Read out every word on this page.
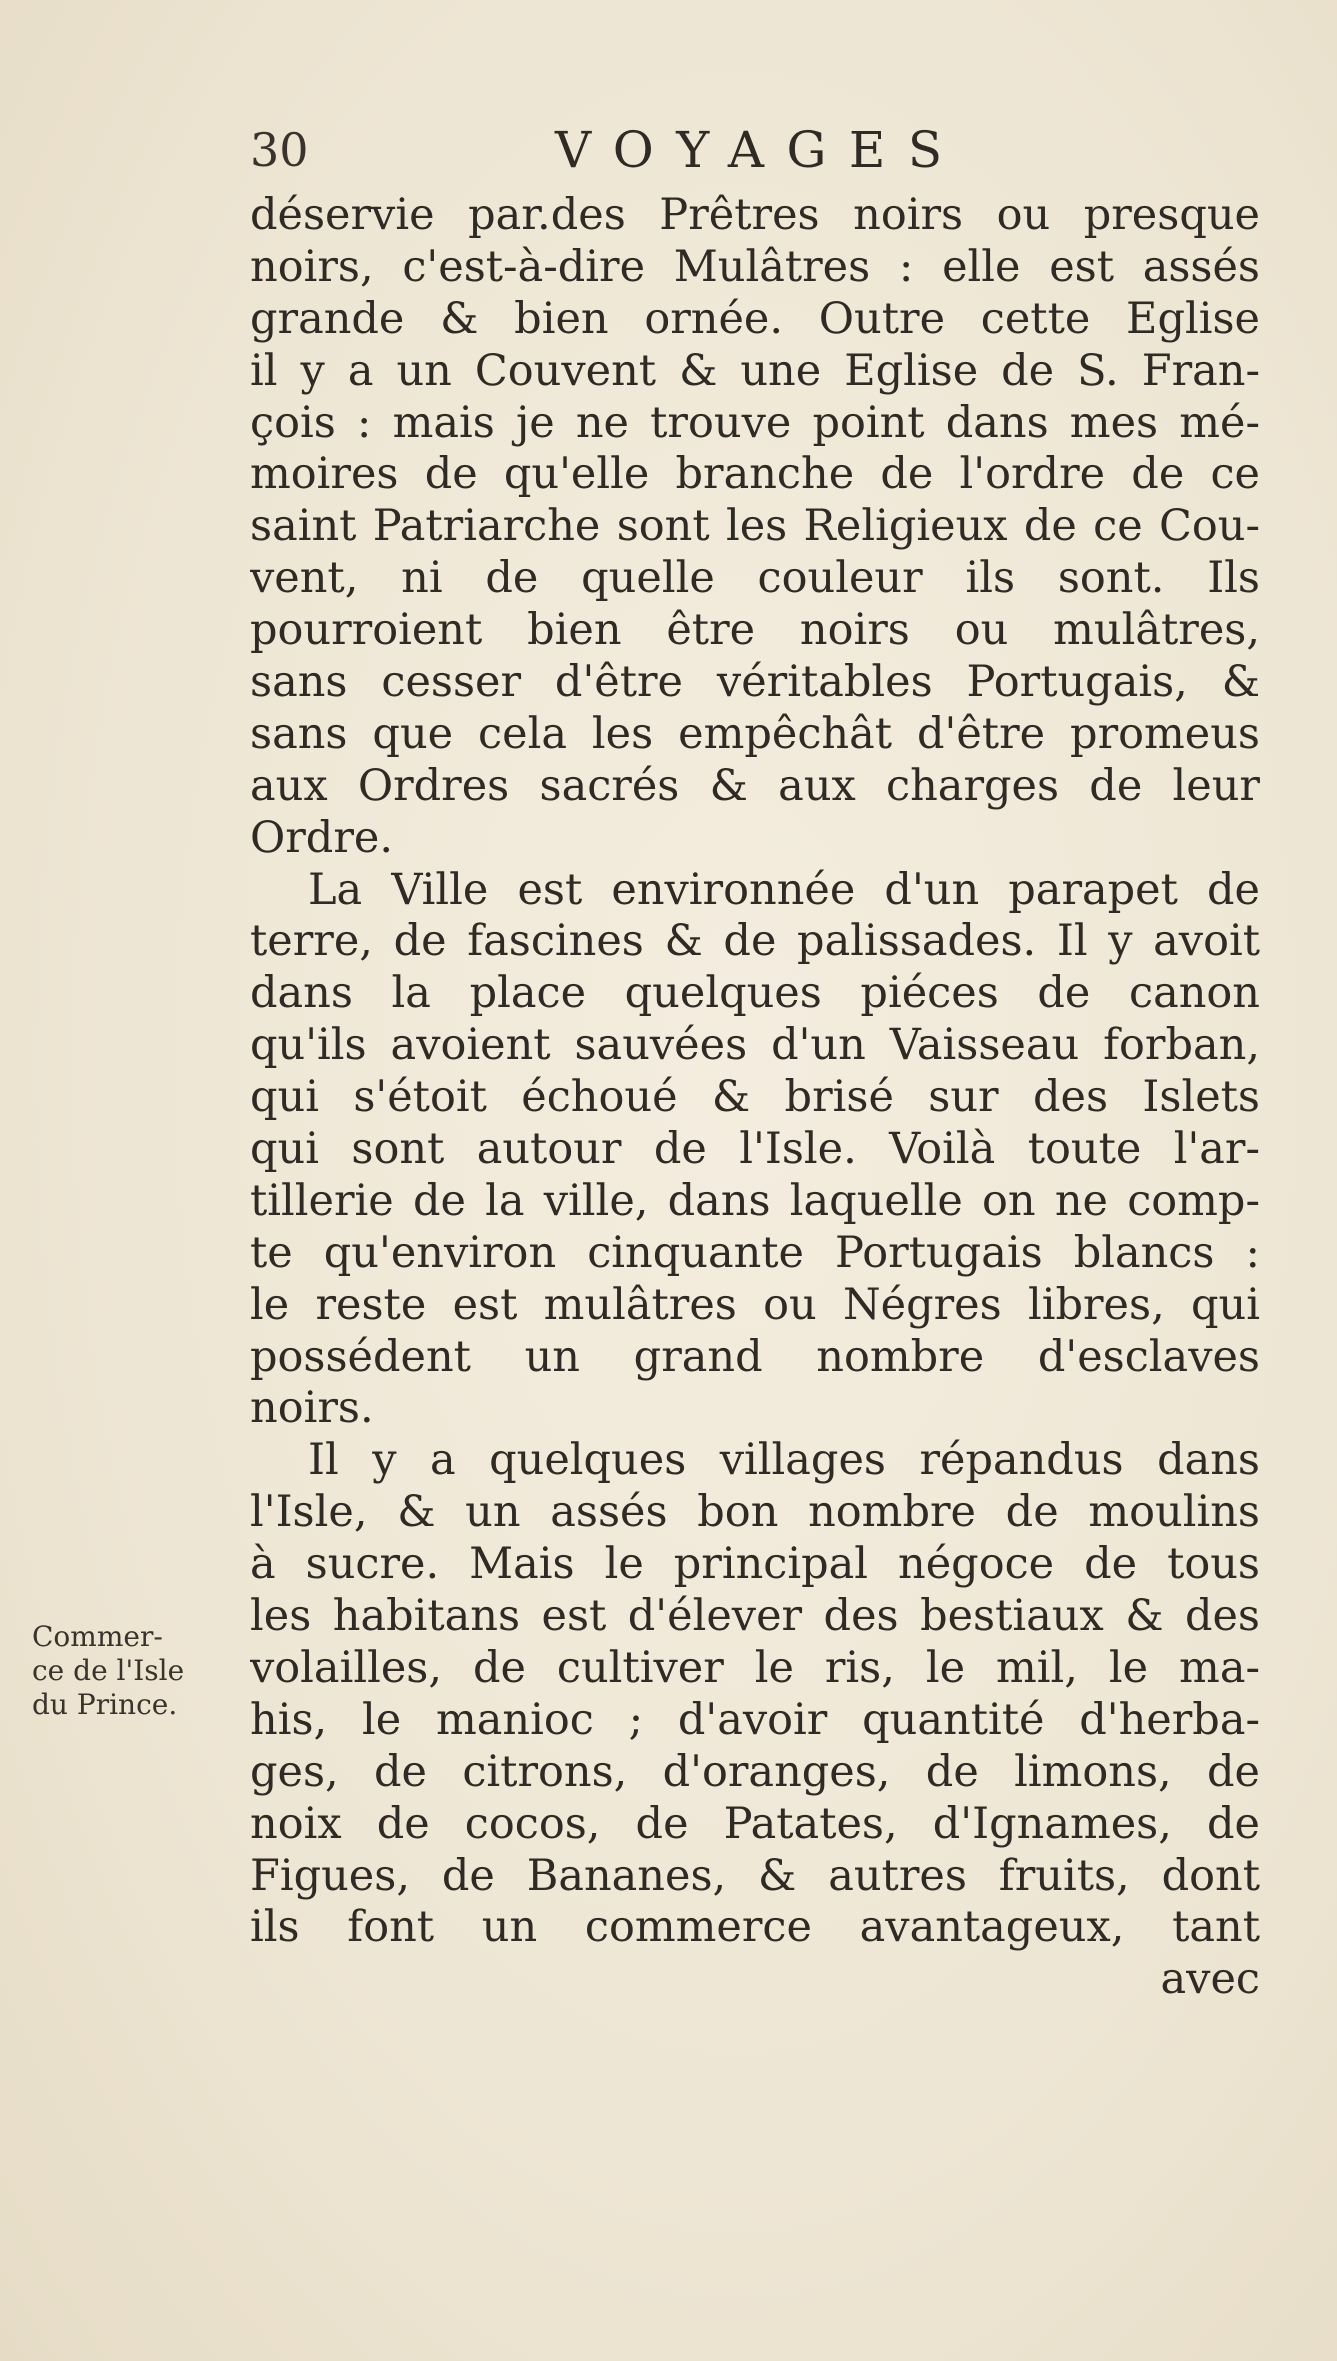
30	VOYAGES
déservie par.des Prêtres noirs ou presque
noirs, c'est-à-dire Mulâtres : elle est assés
grande & bien ornée. Outre cette Eglise
il y a un Couvent & une Eglise de S. Fran-
çois : mais je ne trouve point dans mes mé-
moires de qu'elle branche de l'ordre de ce
saint Patriarche sont les Religieux de ce Cou-
vent, ni de quelle couleur ils sont. Ils
pourroient bien être noirs ou mulâtres,
sans cesser d'être véritables Portugais, &
sans que cela les empêchât d'être promeus
aux Ordres sacrés & aux charges de leur
Ordre.
La Ville est environnée d'un parapet de
terre, de fascines & de palissades. Il y avoit
dans la place quelques piéces de canon
qu'ils avoient sauvées d'un Vaisseau forban,
qui s'étoit échoué & brisé sur des Islets
qui sont autour de l'Isle. Voilà toute l'ar-
tillerie de la ville, dans laquelle on ne comp-
te qu'environ cinquante Portugais blancs :
le reste est mulâtres ou Négres libres, qui
possédent un grand nombre d'esclaves
noirs.
Il y a quelques villages répandus dans
l'Isle, & un assés bon nombre de moulins
à sucre. Mais le principal négoce de tous
les habitans est d'élever des bestiaux & des
volailles, de cultiver le ris, le mil, le ma-
his, le manioc ; d'avoir quantité d'herba-
ges, de citrons, d'oranges, de limons, de
noix de cocos, de Patates, d'Ignames, de
Figues, de Bananes, & autres fruits, dont
ils font un commerce avantageux, tant
avec
Commer-
ce de l'Isle
du Prince.
